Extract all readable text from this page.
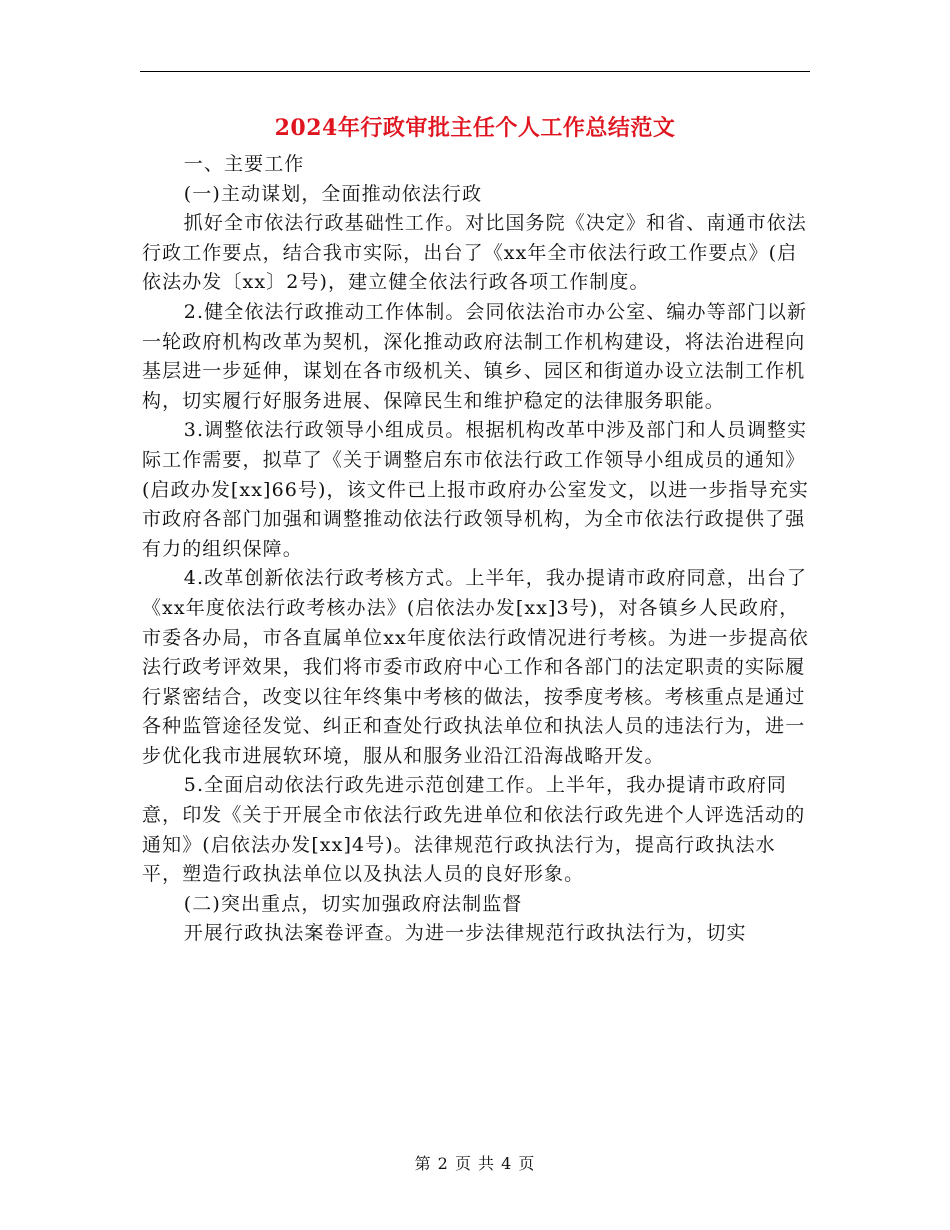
2024年行政审批主任个人工作总结范文

一、主要工作

(一)主动谋划，全面推动依法行政

抓好全市依法行政基础性工作。对比国务院《决定》和省、南通市依法行政工作要点，结合我市实际，出台了《xx年全市依法行政工作要点》(启依法办发〔xx〕2号)，建立健全依法行政各项工作制度。

2.健全依法行政推动工作体制。会同依法治市办公室、编办等部门以新一轮政府机构改革为契机，深化推动政府法制工作机构建设，将法治进程向基层进一步延伸，谋划在各市级机关、镇乡、园区和街道办设立法制工作机构，切实履行好服务进展、保障民生和维护稳定的法律服务职能。

3.调整依法行政领导小组成员。根据机构改革中涉及部门和人员调整实际工作需要，拟草了《关于调整启东市依法行政工作领导小组成员的通知》(启政办发[xx]66号)，该文件已上报市政府办公室发文，以进一步指导充实市政府各部门加强和调整推动依法行政领导机构，为全市依法行政提供了强有力的组织保障。

4.改革创新依法行政考核方式。上半年，我办提请市政府同意，出台了《xx年度依法行政考核办法》(启依法办发[xx]3号)，对各镇乡人民政府，市委各办局，市各直属单位xx年度依法行政情况进行考核。为进一步提高依法行政考评效果，我们将市委市政府中心工作和各部门的法定职责的实际履行紧密结合，改变以往年终集中考核的做法，按季度考核。考核重点是通过各种监管途径发觉、纠正和查处行政执法单位和执法人员的违法行为，进一步优化我市进展软环境，服从和服务业沿江沿海战略开发。

5.全面启动依法行政先进示范创建工作。上半年，我办提请市政府同意，印发《关于开展全市依法行政先进单位和依法行政先进个人评选活动的通知》(启依法办发[xx]4号)。法律规范行政执法行为，提高行政执法水平，塑造行政执法单位以及执法人员的良好形象。

(二)突出重点，切实加强政府法制监督

开展行政执法案卷评查。为进一步法律规范行政执法行为，切实

第 2 页 共 4 页
